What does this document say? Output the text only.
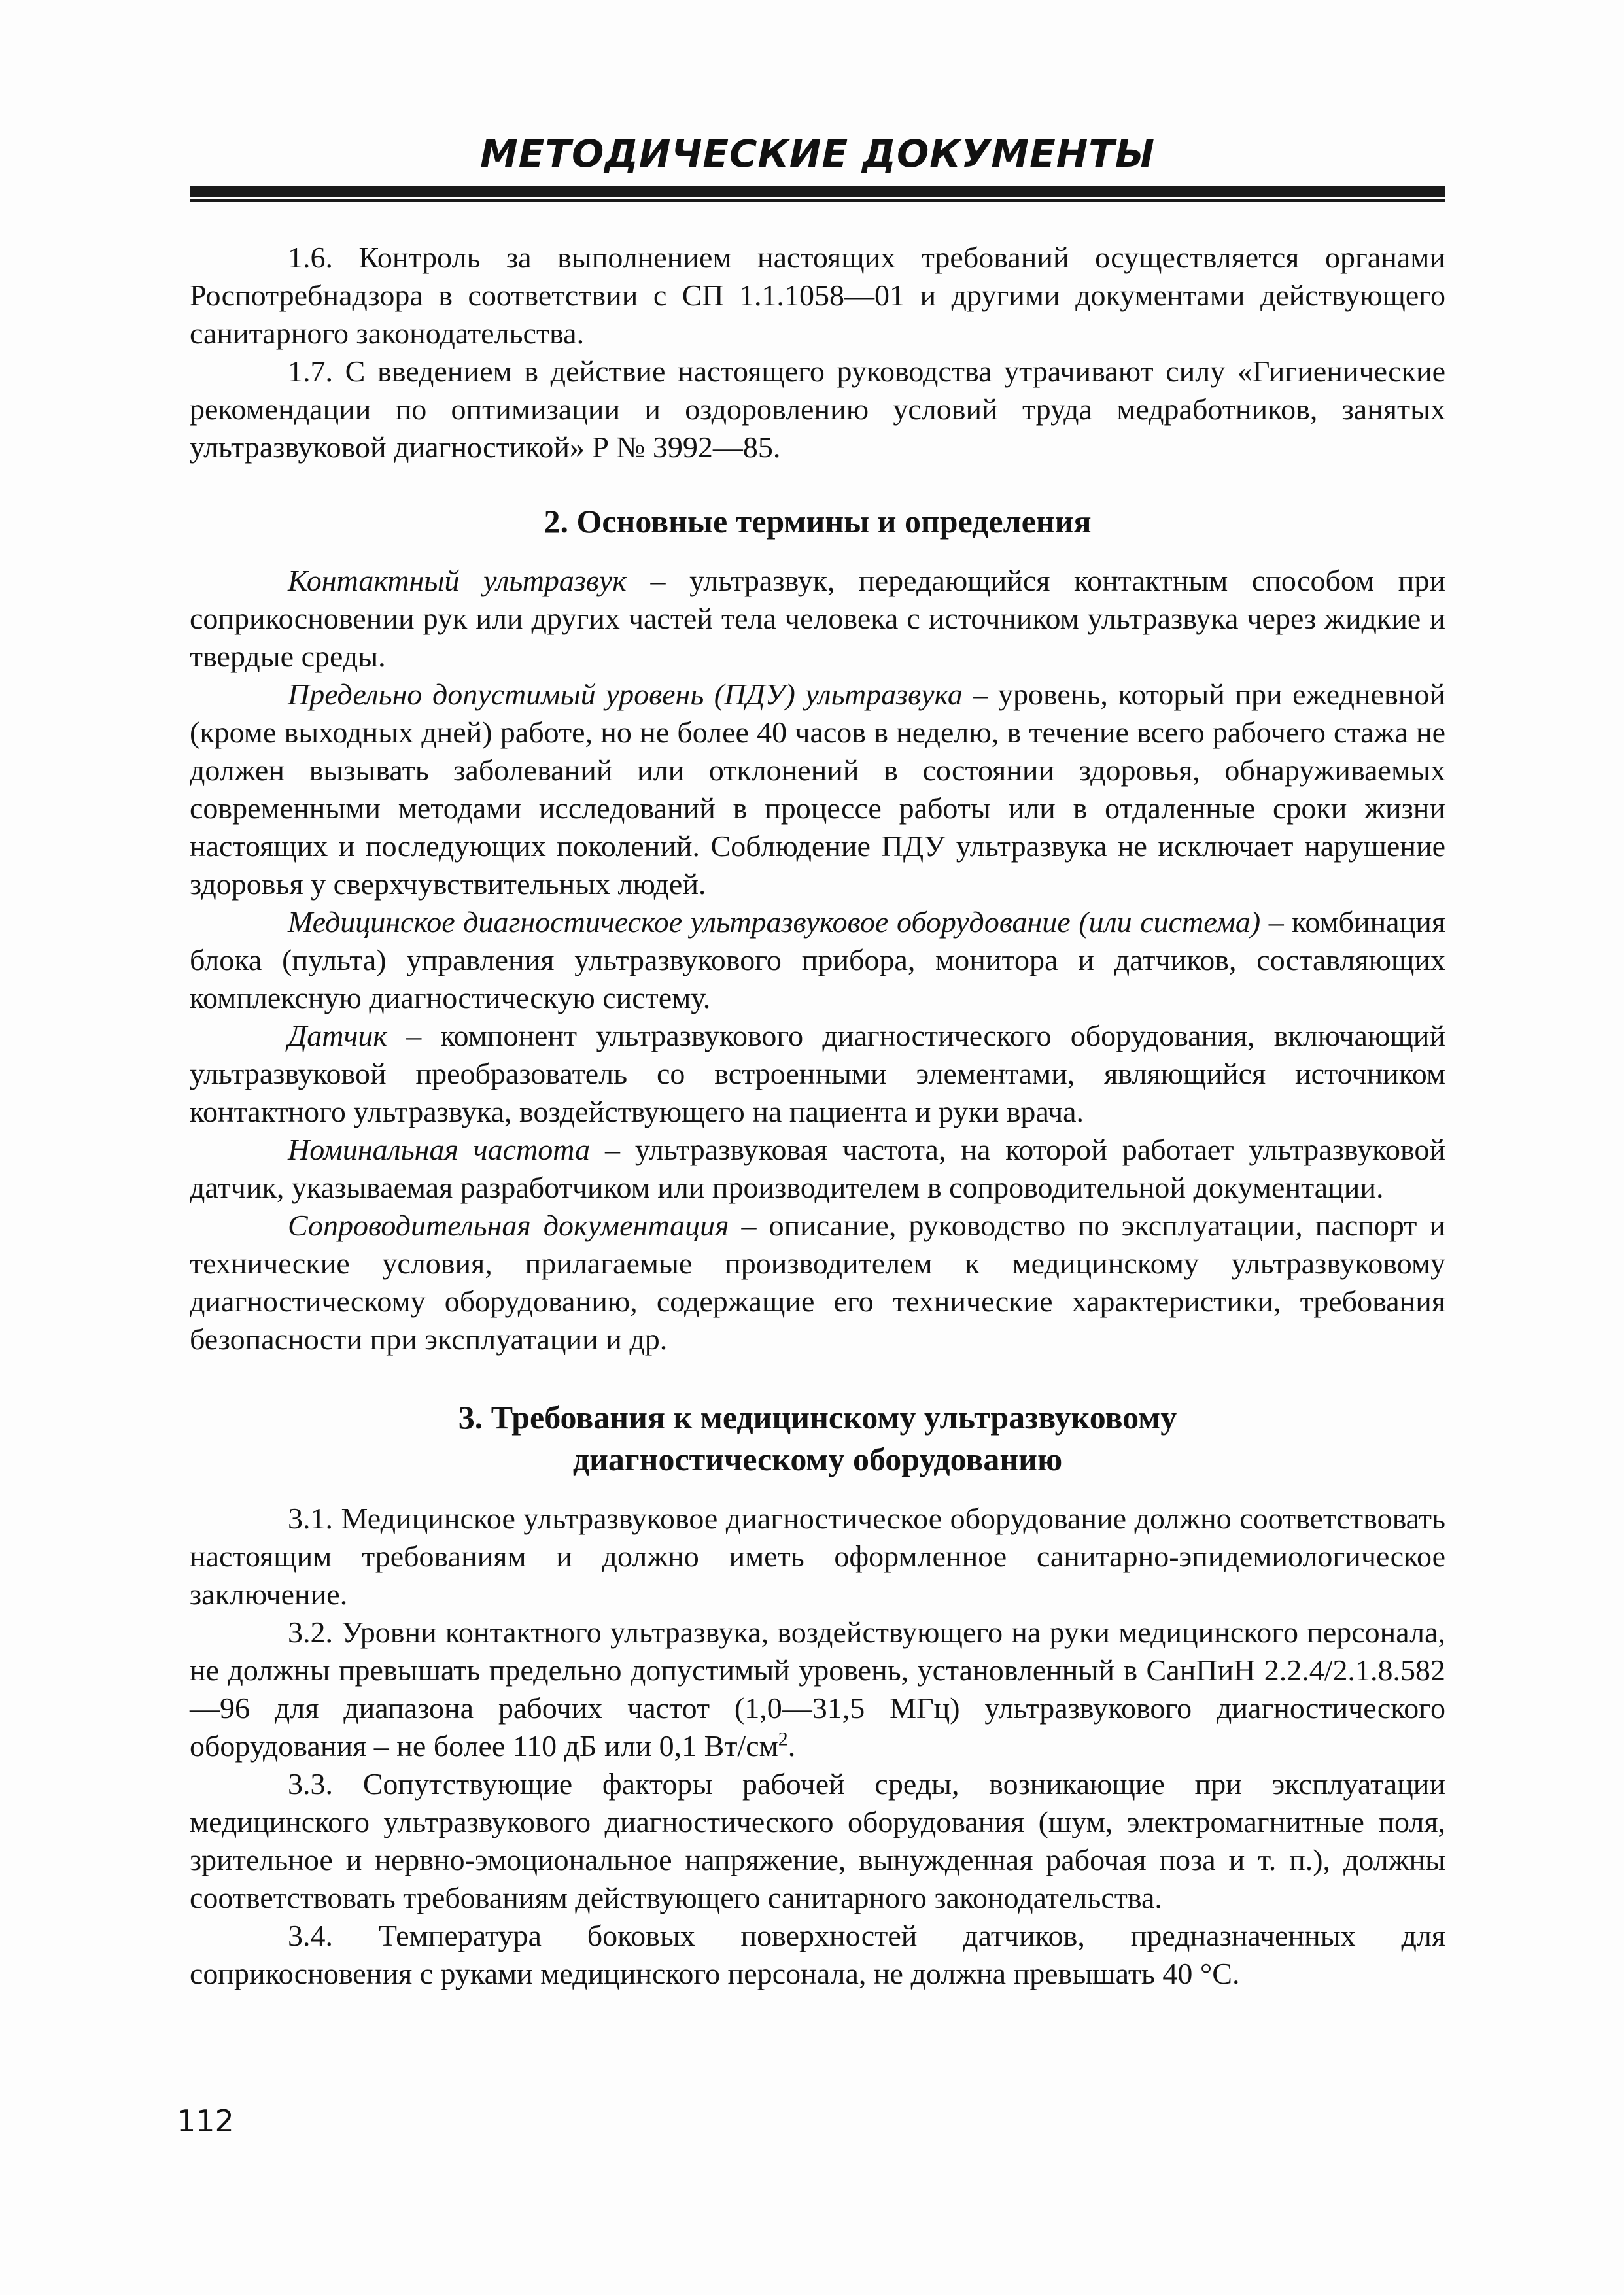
МЕТОДИЧЕСКИЕ ДОКУМЕНТЫ

1.6. Контроль за выполнением настоящих требований осуществляется органами Роспотребнадзора в соответствии с СП 1.1.1058—01 и другими документами действующего санитарного законодательства.

1.7. С введением в действие настоящего руководства утрачивают силу «Гигиенические рекомендации по оптимизации и оздоровлению условий труда медработников, занятых ультразвуковой диагностикой» Р № 3992—85.

2. Основные термины и определения

Контактный ультразвук – ультразвук, передающийся контактным способом при соприкосновении рук или других частей тела человека с источником ультразвука через жидкие и твердые среды.

Предельно допустимый уровень (ПДУ) ультразвука – уровень, который при ежедневной (кроме выходных дней) работе, но не более 40 часов в неделю, в течение всего рабочего стажа не должен вызывать заболеваний или отклонений в состоянии здоровья, обнаруживаемых современными методами исследований в процессе работы или в отдаленные сроки жизни настоящих и последующих поколений. Соблюдение ПДУ ультразвука не исключает нарушение здоровья у сверхчувствительных людей.

Медицинское диагностическое ультразвуковое оборудование (или система) – комбинация блока (пульта) управления ультразвукового прибора, монитора и датчиков, составляющих комплексную диагностическую систему.

Датчик – компонент ультразвукового диагностического оборудования, включающий ультразвуковой преобразователь со встроенными элементами, являющийся источником контактного ультразвука, воздействующего на пациента и руки врача.

Номинальная частота – ультразвуковая частота, на которой работает ультразвуковой датчик, указываемая разработчиком или производителем в сопроводительной документации.

Сопроводительная документация – описание, руководство по эксплуатации, паспорт и технические условия, прилагаемые производителем к медицинскому ультразвуковому диагностическому оборудованию, содержащие его технические характеристики, требования безопасности при эксплуатации и др.

3. Требования к медицинскому ультразвуковому
диагностическому оборудованию

3.1. Медицинское ультразвуковое диагностическое оборудование должно соответствовать настоящим требованиям и должно иметь оформленное санитарно-эпидемиологическое заключение.

3.2. Уровни контактного ультразвука, воздействующего на руки медицинского персонала, не должны превышать предельно допустимый уровень, установленный в СанПиН 2.2.4/2.1.8.582—96 для диапазона рабочих частот (1,0—31,5 МГц) ультразвукового диагностического оборудования – не более 110 дБ или 0,1 $Вт/см^2$.

3.3. Сопутствующие факторы рабочей среды, возникающие при эксплуатации медицинского ультразвукового диагностического оборудования (шум, электромагнитные поля, зрительное и нервно-эмоциональное напряжение, вынужденная рабочая поза и т. п.), должны соответствовать требованиям действующего санитарного законодательства.

3.4. Температура боковых поверхностей датчиков, предназначенных для соприкосновения с руками медицинского персонала, не должна превышать 40 °C.

112
